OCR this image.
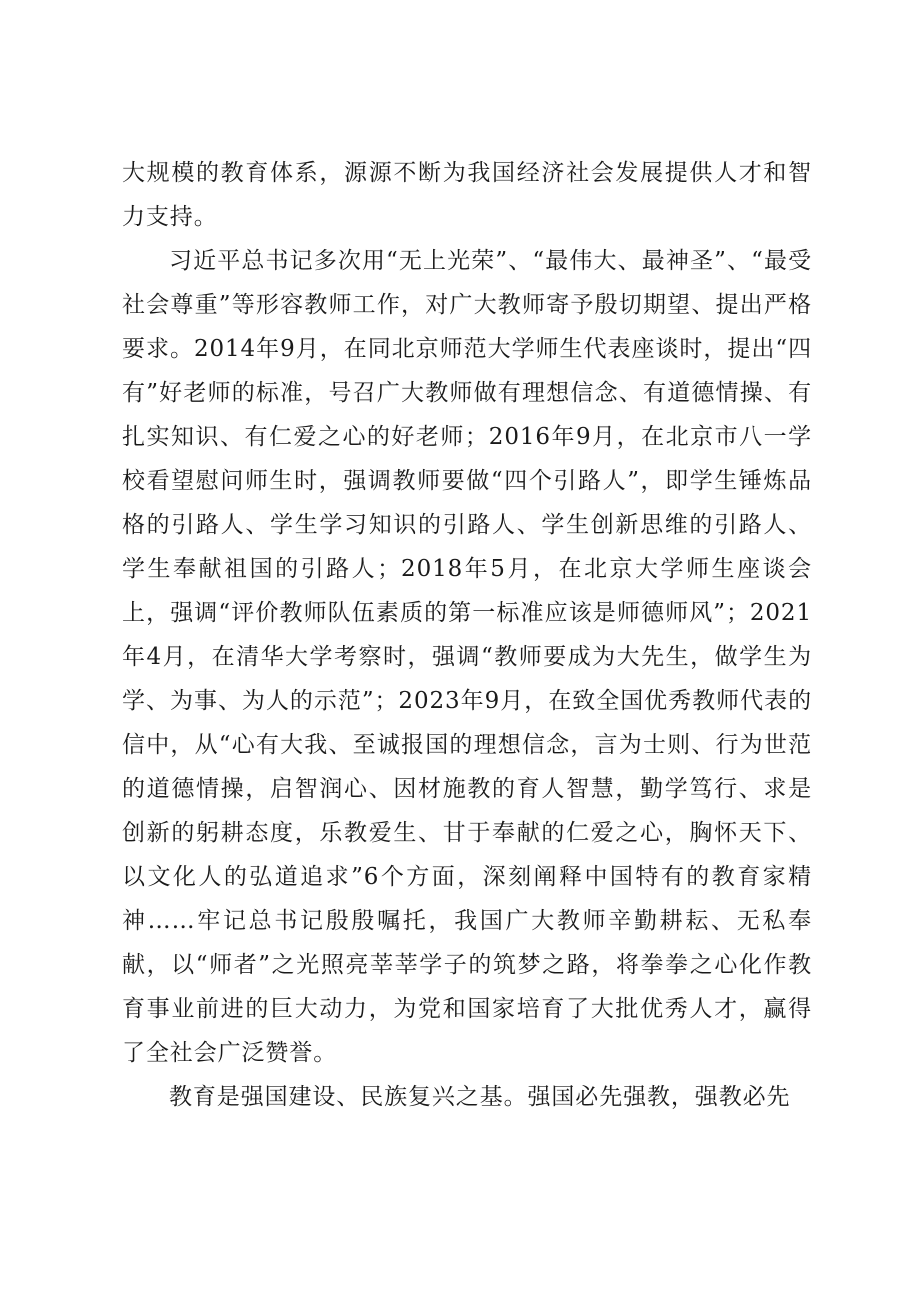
大规模的教育体系，源源不断为我国经济社会发展提供人才和智力支持。

习近平总书记多次用“无上光荣”、“最伟大、最神圣”、“最受社会尊重”等形容教师工作，对广大教师寄予殷切期望、提出严格要求。2014年9月，在同北京师范大学师生代表座谈时，提出“四有”好老师的标准，号召广大教师做有理想信念、有道德情操、有扎实知识、有仁爱之心的好老师；2016年9月，在北京市八一学校看望慰问师生时，强调教师要做“四个引路人”，即学生锤炼品格的引路人、学生学习知识的引路人、学生创新思维的引路人、学生奉献祖国的引路人；2018年5月，在北京大学师生座谈会上，强调“评价教师队伍素质的第一标准应该是师德师风”；2021年4月，在清华大学考察时，强调“教师要成为大先生，做学生为学、为事、为人的示范”；2023年9月，在致全国优秀教师代表的信中，从“心有大我、至诚报国的理想信念，言为士则、行为世范的道德情操，启智润心、因材施教的育人智慧，勤学笃行、求是创新的躬耕态度，乐教爱生、甘于奉献的仁爱之心，胸怀天下、以文化人的弘道追求”6个方面，深刻阐释中国特有的教育家精神……牢记总书记殷殷嘱托，我国广大教师辛勤耕耘、无私奉献，以“师者”之光照亮莘莘学子的筑梦之路，将拳拳之心化作教育事业前进的巨大动力，为党和国家培育了大批优秀人才，赢得了全社会广泛赞誉。

教育是强国建设、民族复兴之基。强国必先强教，强教必先
